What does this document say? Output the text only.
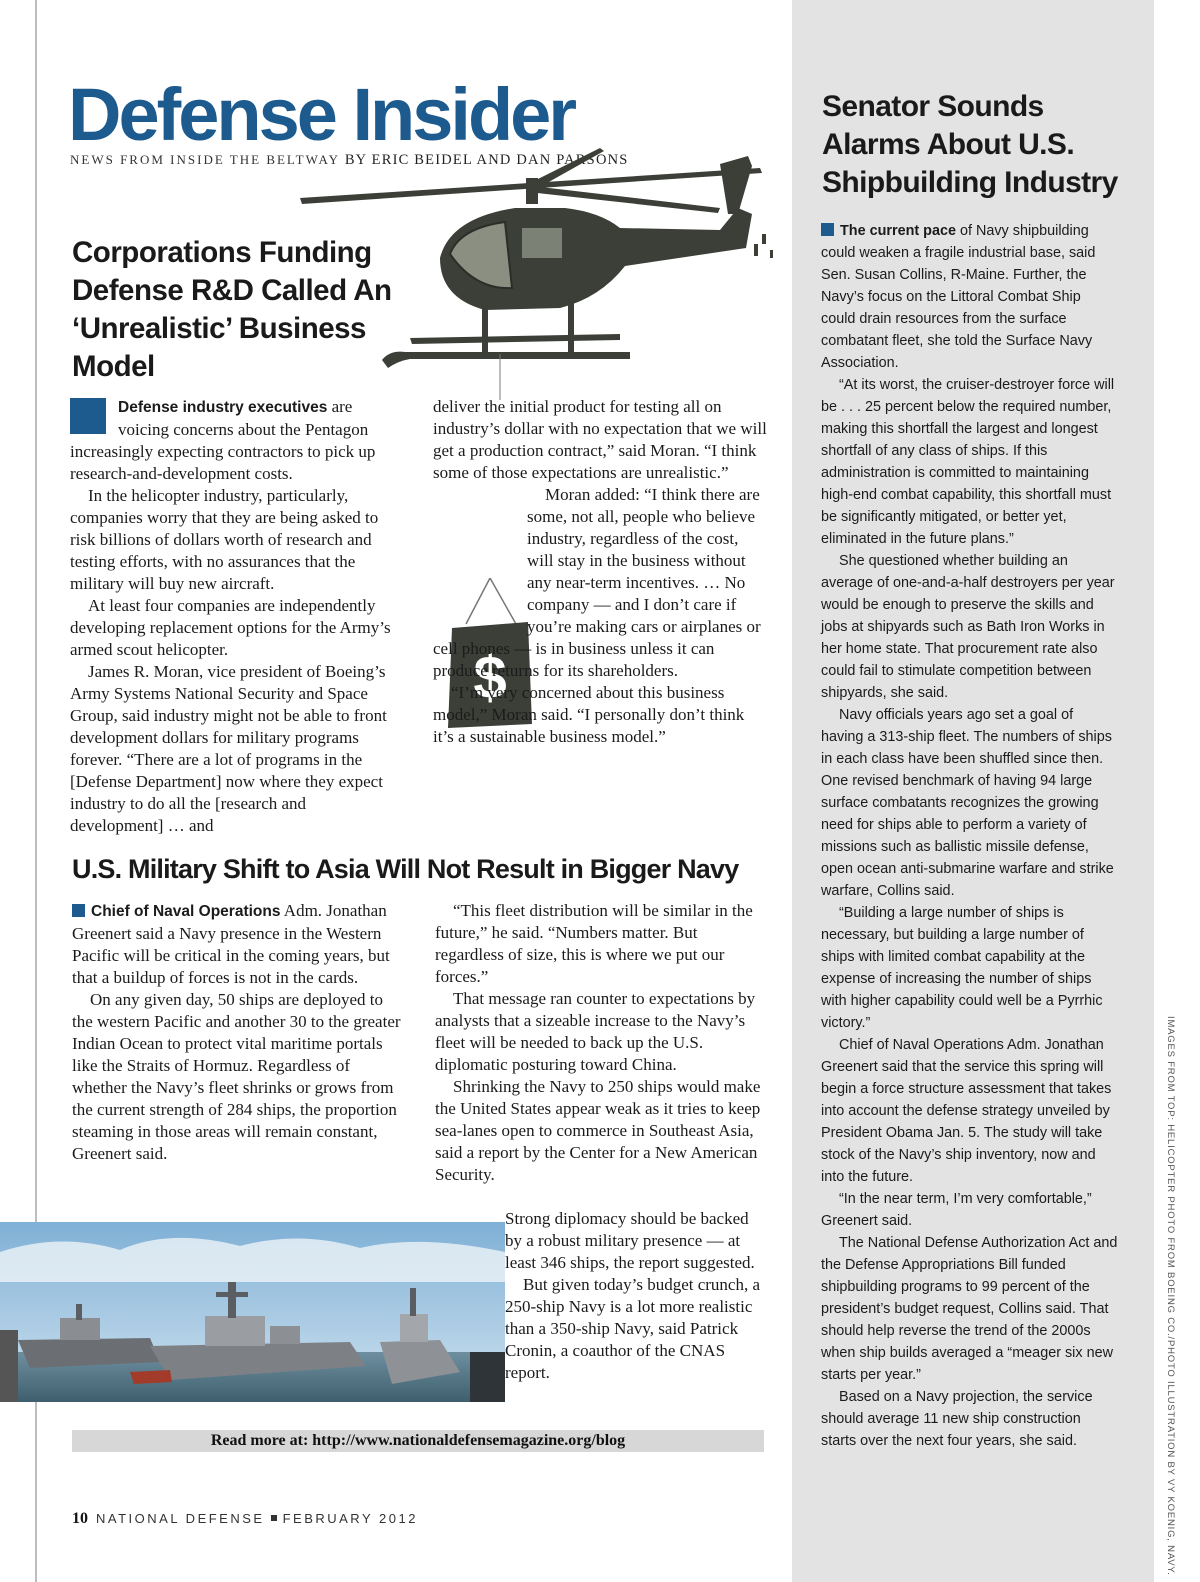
Defense Insider
NEWS FROM INSIDE THE BELTWAY BY ERIC BEIDEL AND DAN PARSONS
Corporations Funding Defense R&D Called An ‘Unrealistic’ Business Model

Defense industry executives are voicing concerns about the Pentagon increasingly expecting contractors to pick up research-and-development costs.

In the helicopter industry, particularly, companies worry that they are being asked to risk billions of dollars worth of research and testing efforts, with no assurances that the military will buy new aircraft.

At least four companies are independently developing replacement options for the Army’s armed scout helicopter.

James R. Moran, vice president of Boeing’s Army Systems National Security and Space Group, said industry might not be able to front development dollars for military programs forever. “There are a lot of programs in the [Defense Department] now where they expect industry to do all the [research and development] … and

$

deliver the initial product for testing all on industry’s dollar with no expectation that we will get a production contract,” said Moran. “I think some of those expectations are unrealistic.”

Moran added: “I think there are some, not all, people who believe industry, regardless of the cost, will stay in the business without any near-term incentives. … No company — and I don’t care if you’re making cars or airplanes or cell phones — is in business unless it can produce returns for its shareholders.

“I’m very concerned about this business model,” Moran said. “I personally don’t think it’s a sustainable business model.”

U.S. Military Shift to Asia Will Not Result in Bigger Navy

Chief of Naval Operations Adm. Jonathan Greenert said a Navy presence in the Western Pacific will be critical in the coming years, but that a buildup of forces is not in the cards.

On any given day, 50 ships are deployed to the western Pacific and another 30 to the greater Indian Ocean to protect vital maritime portals like the Straits of Hormuz. Regardless of whether the Navy’s fleet shrinks or grows from the current strength of 284 ships, the proportion steaming in those areas will remain constant, Greenert said.

“This fleet distribution will be similar in the future,” he said. “Numbers matter. But regardless of size, this is where we put our forces.”

That message ran counter to expectations by analysts that a sizeable increase to the Navy’s fleet will be needed to back up the U.S. diplomatic posturing toward China.

Shrinking the Navy to 250 ships would make the United States appear weak as it tries to keep sea-lanes open to commerce in Southeast Asia, said a report by the Center for a New American Security.

Strong diplomacy should be backed by a robust military presence — at least 346 ships, the report suggested.

But given today’s budget crunch, a 250-ship Navy is a lot more realistic than a 350-ship Navy, said Patrick Cronin, a coauthor of the CNAS report.

Read more at: http://www.nationaldefensemagazine.org/blog
10 NATIONAL DEFENSE FEBRUARY 2012
Senator Sounds Alarms About U.S. Shipbuilding Industry

The current pace of Navy shipbuilding could weaken a fragile industrial base, said Sen. Susan Collins, R-Maine. Further, the Navy’s focus on the Littoral Combat Ship could drain resources from the surface combatant fleet, she told the Surface Navy Association.

“At its worst, the cruiser-destroyer force will be . . . 25 percent below the required number, making this shortfall the largest and longest shortfall of any class of ships. If this administration is committed to maintaining high-end combat capability, this shortfall must be significantly mitigated, or better yet, eliminated in the future plans.”

She questioned whether building an average of one-and-a-half destroyers per year would be enough to preserve the skills and jobs at shipyards such as Bath Iron Works in her home state. That procurement rate also could fail to stimulate competition between shipyards, she said.

Navy officials years ago set a goal of having a 313-ship fleet. The numbers of ships in each class have been shuffled since then. One revised benchmark of having 94 large surface combatants recognizes the growing need for ships able to perform a variety of missions such as ballistic missile defense, open ocean anti-submarine warfare and strike warfare, Collins said.

“Building a large number of ships is necessary, but building a large number of ships with limited combat capability at the expense of increasing the number of ships with higher capability could well be a Pyrrhic victory.”

Chief of Naval Operations Adm. Jonathan Greenert said that the service this spring will begin a force structure assessment that takes into account the defense strategy unveiled by President Obama Jan. 5. The study will take stock of the Navy’s ship inventory, now and into the future.

“In the near term, I’m very comfortable,” Greenert said.

The National Defense Authorization Act and the Defense Appropriations Bill funded shipbuilding programs to 99 percent of the president’s budget request, Collins said. That should help reverse the trend of the 2000s when ship builds averaged a “meager six new starts per year.”

Based on a Navy projection, the service should average 11 new ship construction starts over the next four years, she said.	IMAGES FROM TOP: HELICOPTER PHOTO FROM BOEING CO./PHOTO ILLUSTRATION BY VY KOENIG, NAVY.
